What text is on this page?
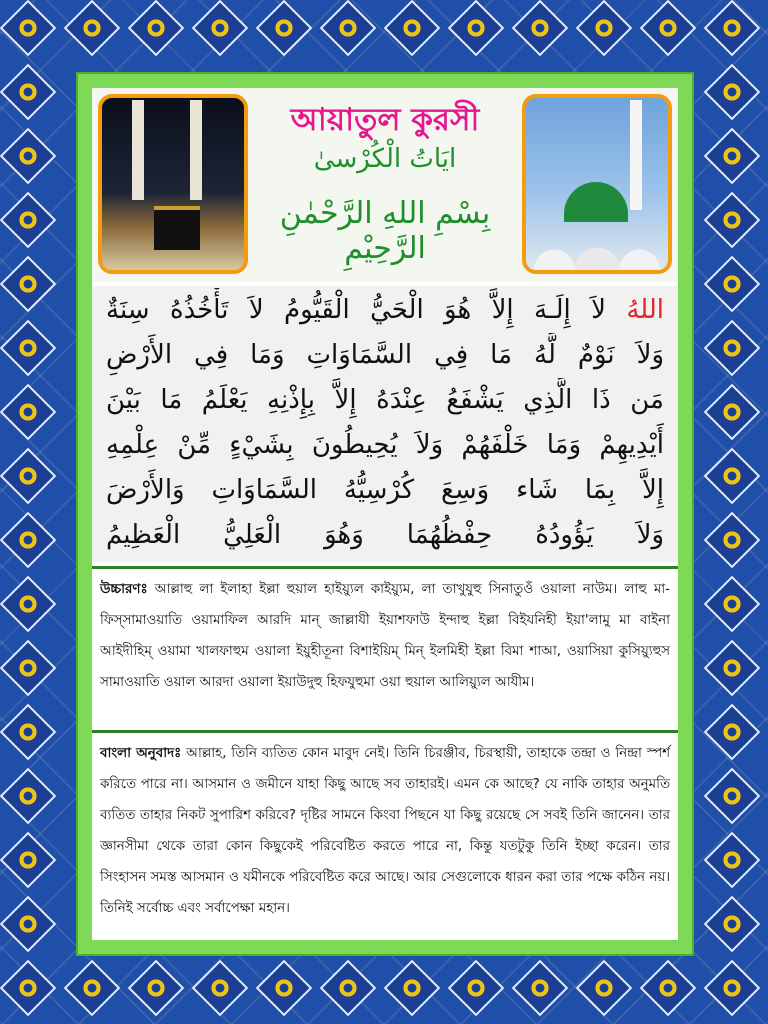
আয়াতুল কুরসী
ايَاتُ الْكُرْسىٰ
بِسْمِ اللهِ الرَّحْمٰنِ الرَّحِيْمِ
اللهُ لاَ إِلَـهَ إِلاَّ هُوَ الْحَيُّ الْقَيُّومُ لاَ تَأْخُذُهُ سِنَةٌ
وَلاَ نَوْمٌ لَّهُ مَا فِي السَّمَاوَاتِ وَمَا فِي الأَرْضِ
مَن ذَا الَّذِي يَشْفَعُ عِنْدَهُ إِلاَّ بِإِذْنِهِ يَعْلَمُ مَا بَيْنَ
أَيْدِيهِمْ وَمَا خَلْفَهُمْ وَلاَ يُحِيطُونَ بِشَيْءٍ مِّنْ عِلْمِهِ
إِلاَّ بِمَا شَاء وَسِعَ كُرْسِيُّهُ السَّمَاوَاتِ وَالأَرْضَ
وَلاَ يَؤُودُهُ حِفْظُهُمَا وَهُوَ الْعَلِيُّ الْعَظِيمُ
উচ্চারণঃ আল্লাহু লা ইলাহা ইল্লা হুয়াল হাইয়্যুল কাইয়্যুম, লা তাখুযুহু সিনাতুওঁ ওয়ালা নাউম। লাহু মা-ফিস্সামাওয়াতি ওয়ামাফিল আরদি মান্ জাল্লাযী ইয়াশফাউ ইন্দাহু ইল্লা বিইযনিহী ইয়া'লামু মা বাইনা আইদীহিম্ ওয়ামা খালফাহুম ওয়ালা ইয়ুহীতূনা বিশাইয়িম্ মিন্ ইলমিহী ইল্লা বিমা শাআ, ওয়াসিয়া কুসিয়্যুহুস সামাওয়াতি ওয়াল আরদা ওয়ালা ইয়াউদুহু হিফযুহুমা ওয়া হুয়াল আলিয়্যুল আযীম।
বাংলা অনুবাদঃ আল্লাহ, তিনি ব্যতিত কোন মাবুদ নেই। তিনি চিরঞ্জীব, চিরস্থায়ী, তাহাকে তন্দ্রা ও নিন্দ্রা স্পর্শ করিতে পারে না। আসমান ও জমীনে যাহা কিছু আছে সব তাহারই। এমন কে আছে? যে নাকি তাহার অনুমতি ব্যতিত তাহার নিকট সুপারিশ করিবে? দৃষ্টির সামনে কিংবা পিছনে যা কিছু রয়েছে সে সবই তিনি জানেন। তার জ্ঞানসীমা থেকে তারা কোন কিছুকেই পরিবেষ্টিত করতে পারে না, কিন্তু যতটুকু তিনি ইচ্ছা করেন। তার সিংহাসন সমস্ত আসমান ও যমীনকে পরিবেষ্টিত করে আছে। আর সেগুলোকে ধারন করা তার পক্ষে কঠিন নয়। তিনিই সর্বোচ্চ এবং সর্বাপেক্ষা মহান।
